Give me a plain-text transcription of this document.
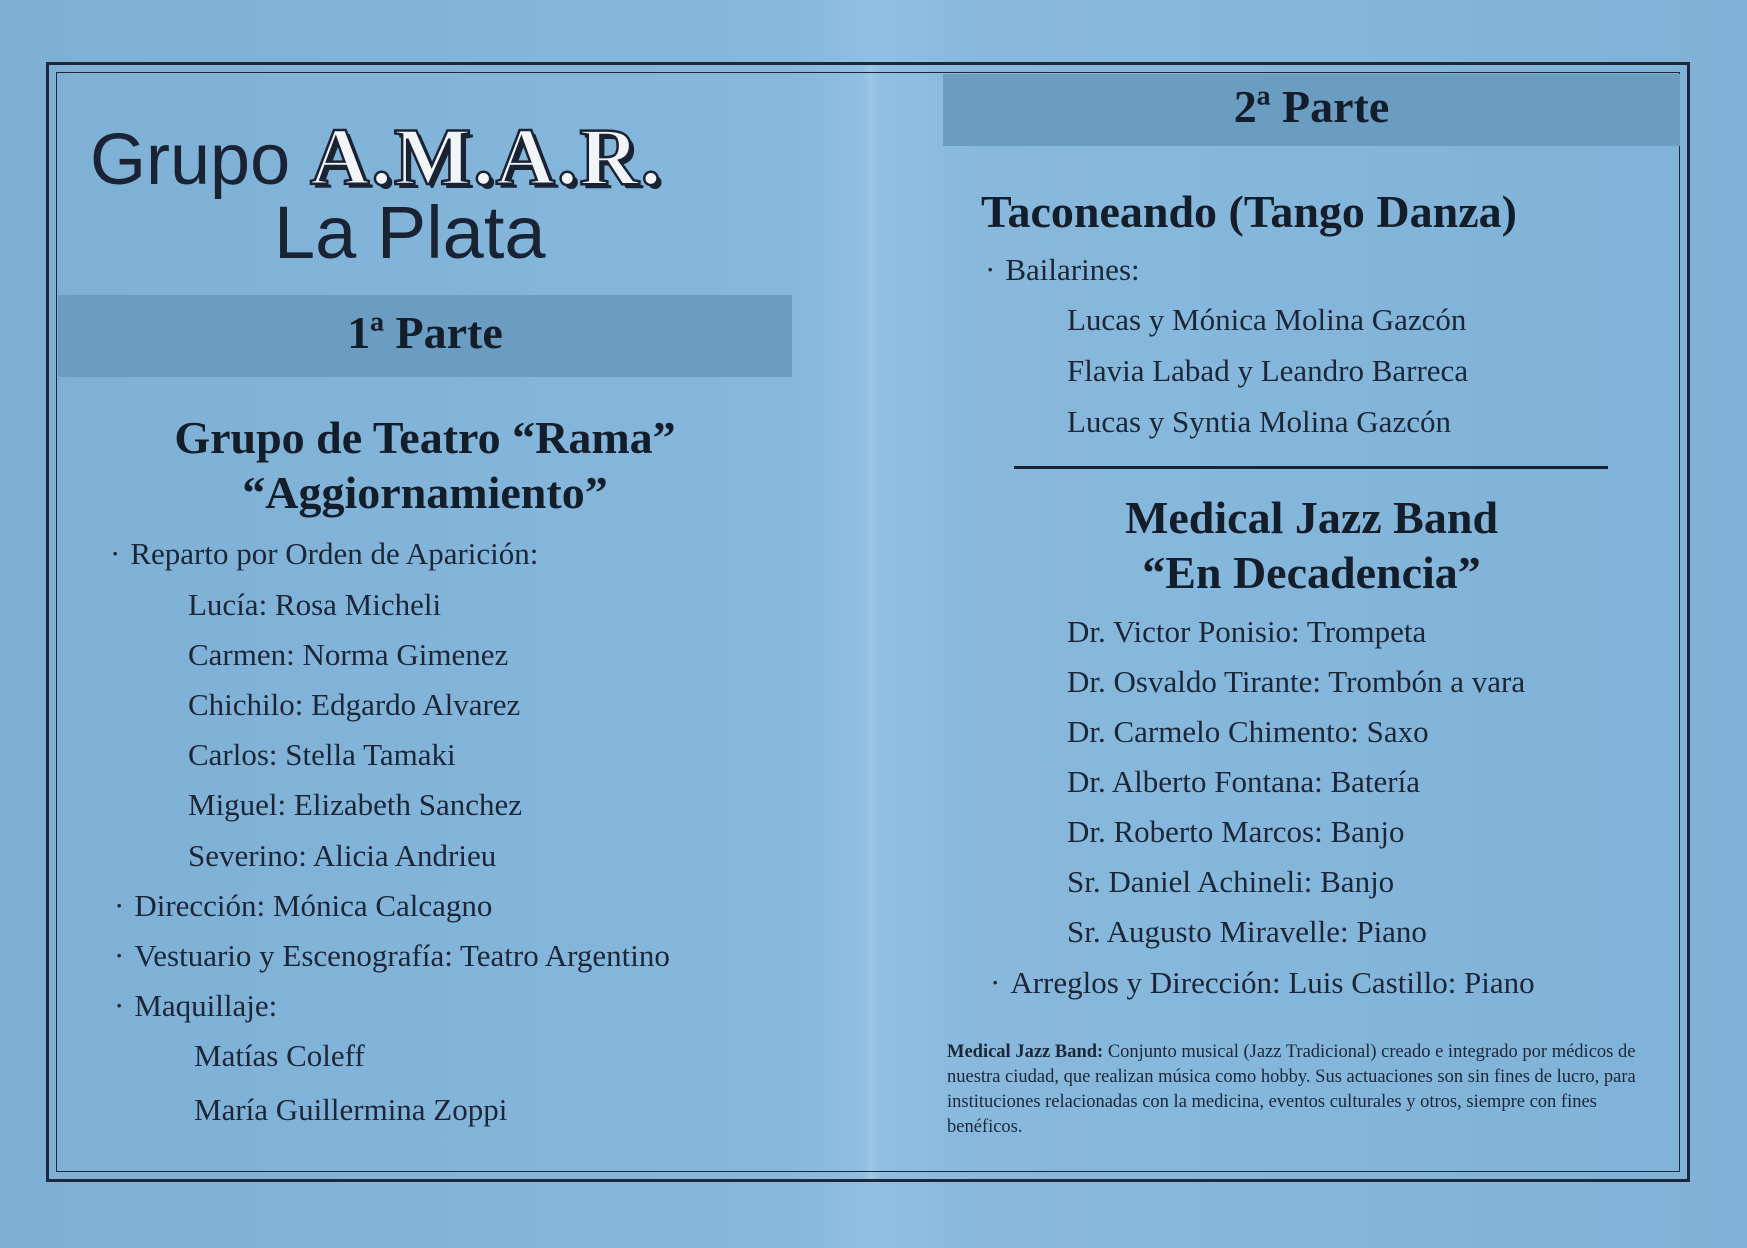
Grupo A.M.A.R.
La Plata
1ª Parte
Grupo de Teatro “Rama”
“Aggiornamiento”
· Reparto por Orden de Aparición:
Lucía: Rosa Micheli
Carmen: Norma Gimenez
Chichilo: Edgardo Alvarez
Carlos: Stella Tamaki
Miguel: Elizabeth Sanchez
Severino: Alicia Andrieu
· Dirección: Mónica Calcagno
· Vestuario y Escenografía: Teatro Argentino
· Maquillaje:
Matías Coleff
María Guillermina Zoppi
2ª Parte
Taconeando (Tango Danza)
· Bailarines:
Lucas y Mónica Molina Gazcón
Flavia Labad y Leandro Barreca
Lucas y Syntia Molina Gazcón
Medical Jazz Band
“En Decadencia”
Dr. Victor Ponisio: Trompeta
Dr. Osvaldo Tirante: Trombón a vara
Dr. Carmelo Chimento: Saxo
Dr. Alberto Fontana: Batería
Dr. Roberto Marcos: Banjo
Sr. Daniel Achineli: Banjo
Sr. Augusto Miravelle: Piano
· Arreglos y Dirección: Luis Castillo: Piano
Medical Jazz Band: Conjunto musical (Jazz Tradicional) creado e integrado por médicos de nuestra ciudad, que realizan música como hobby. Sus actuaciones son sin fines de lucro, para instituciones relacionadas con la medicina, eventos culturales y otros, siempre con fines benéficos.
